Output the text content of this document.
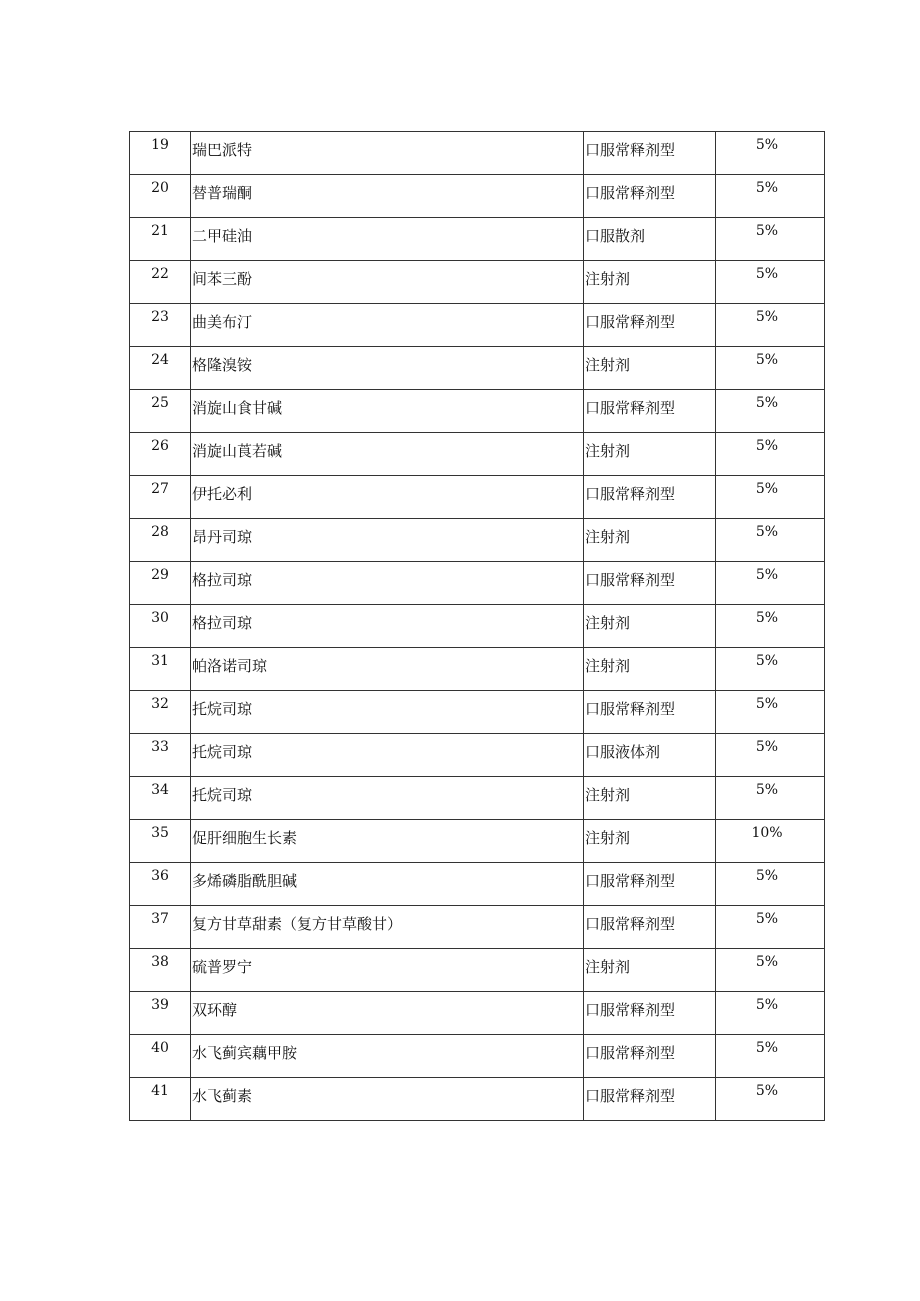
19	瑞巴派特	口服常释剂型	5%
20	替普瑞酮	口服常释剂型	5%
21	二甲硅油	口服散剂	5%
22	间苯三酚	注射剂	5%
23	曲美布汀	口服常释剂型	5%
24	格隆溴铵	注射剂	5%
25	消旋山食甘碱	口服常释剂型	5%
26	消旋山莨若碱	注射剂	5%
27	伊托必利	口服常释剂型	5%
28	昂丹司琼	注射剂	5%
29	格拉司琼	口服常释剂型	5%
30	格拉司琼	注射剂	5%
31	帕洛诺司琼	注射剂	5%
32	托烷司琼	口服常释剂型	5%
33	托烷司琼	口服液体剂	5%
34	托烷司琼	注射剂	5%
35	促肝细胞生长素	注射剂	10%
36	多烯磷脂酰胆碱	口服常释剂型	5%
37	复方甘草甜素（复方甘草酸甘）	口服常释剂型	5%
38	硫普罗宁	注射剂	5%
39	双环醇	口服常释剂型	5%
40	水飞蓟宾藕甲胺	口服常释剂型	5%
41	水飞蓟素	口服常释剂型	5%
